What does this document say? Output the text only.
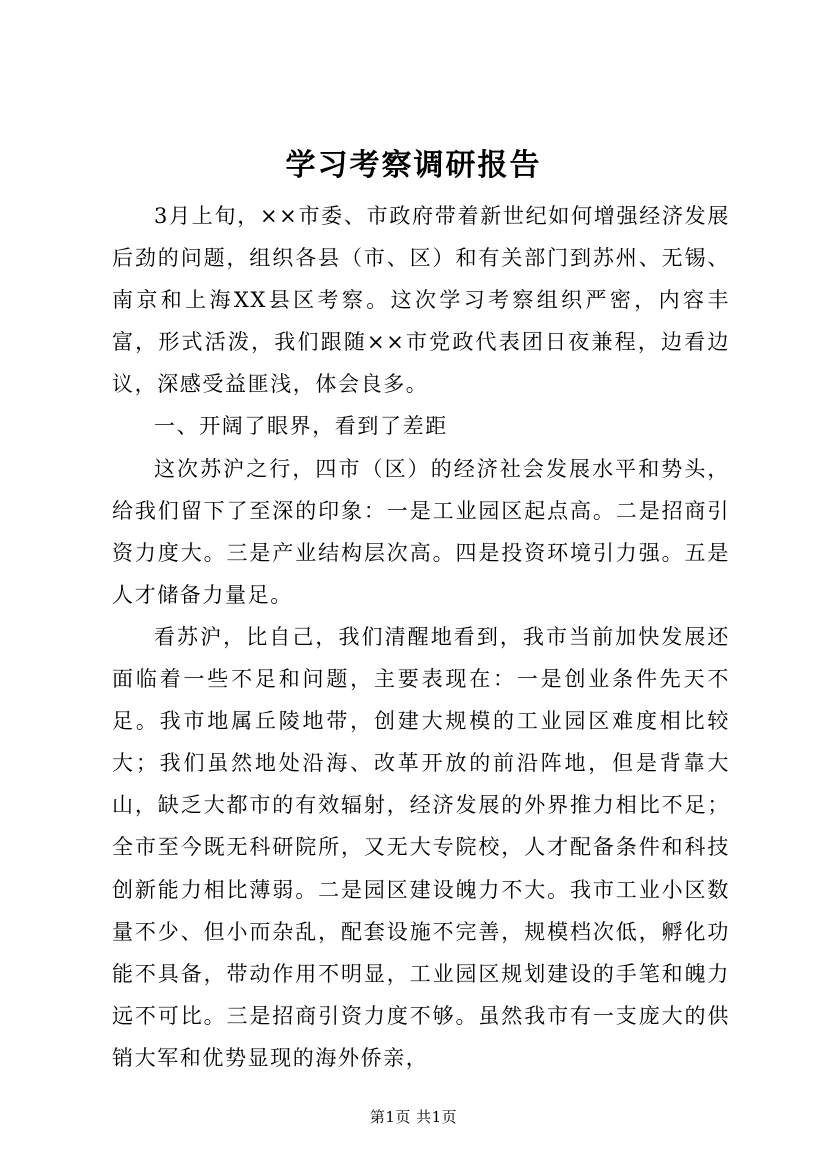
学习考察调研报告

3月上旬，××市委、市政府带着新世纪如何增强经济发展后劲的问题，组织各县（市、区）和有关部门到苏州、无锡、南京和上海XX县区考察。这次学习考察组织严密，内容丰富，形式活泼，我们跟随××市党政代表团日夜兼程，边看边议，深感受益匪浅，体会良多。

一、开阔了眼界，看到了差距

这次苏沪之行，四市（区）的经济社会发展水平和势头，给我们留下了至深的印象：一是工业园区起点高。二是招商引资力度大。三是产业结构层次高。四是投资环境引力强。五是人才储备力量足。

看苏沪，比自己，我们清醒地看到，我市当前加快发展还面临着一些不足和问题，主要表现在：一是创业条件先天不足。我市地属丘陵地带，创建大规模的工业园区难度相比较大；我们虽然地处沿海、改革开放的前沿阵地，但是背靠大山，缺乏大都市的有效辐射，经济发展的外界推力相比不足；全市至今既无科研院所，又无大专院校，人才配备条件和科技创新能力相比薄弱。二是园区建设魄力不大。我市工业小区数量不少、但小而杂乱，配套设施不完善，规模档次低，孵化功能不具备，带动作用不明显，工业园区规划建设的手笔和魄力远不可比。三是招商引资力度不够。虽然我市有一支庞大的供销大军和优势显现的海外侨亲，

第1页 共1页
